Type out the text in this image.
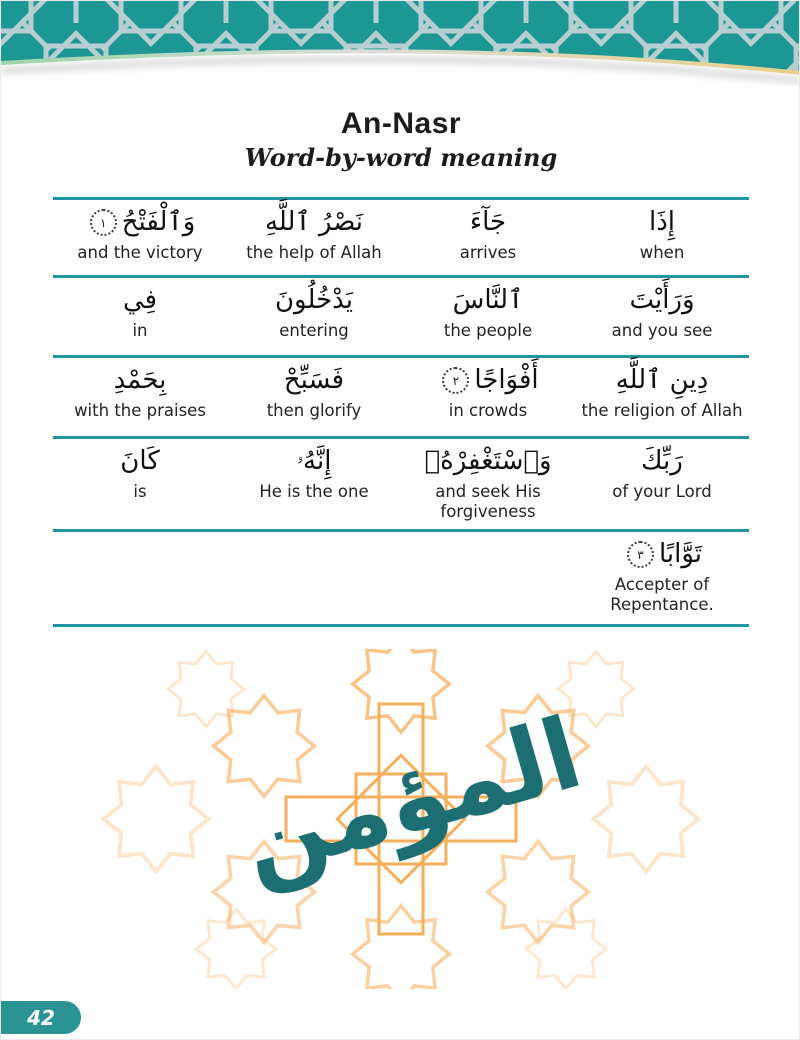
An-Nasr
Word-by-word meaning
إِذَا
when
جَآءَ
arrives
نَصْرُ ٱللَّهِ
the help of Allah
وَٱلْفَتْحُ١
and the victory
وَرَأَيْتَ
and you see
ٱلنَّاسَ
the people
يَدْخُلُونَ
entering
فِي
in
دِينِ ٱللَّهِ
the religion of Allah
أَفْوَاجًا٢
in crowds
فَسَبِّحْ
then glorify
بِحَمْدِ
with the praises
رَبِّكَ
of your Lord
وَٱسْتَغْفِرْهُۚ
and seek His forgiveness
إِنَّهُۥ
He is the one
كَانَ
is
تَوَّابًا٣
Accepter of Repentance.
المؤمن
42
